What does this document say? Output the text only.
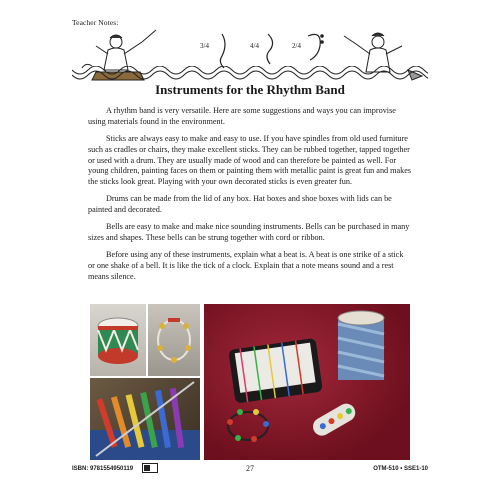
Teacher Notes:
3/4	4/4	2/4
Instruments for the Rhythm Band

A rhythm band is very versatile. Here are some suggestions and ways you can improvise using materials found in the environment.

Sticks are always easy to make and easy to use. If you have spindles from old used furniture such as cradles or chairs, they make excellent sticks. They can be rubbed together, tapped together or used with a drum. They are usually made of wood and can therefore be painted as well. For young children, painting faces on them or painting them with metallic paint is great fun and makes the sticks look great. Playing with your own decorated sticks is even greater fun.

Drums can be made from the lid of any box. Hat boxes and shoe boxes with lids can be painted and decorated.

Bells are easy to make and make nice sounding instruments. Bells can be purchased in many sizes and shapes. These bells can be strung together with cord or ribbon.

Before using any of these instruments, explain what a beat is. A beat is one strike of a stick or one shake of a bell. It is like the tick of a clock. Explain that a note means sound and a rest means silence.

ISBN: 9781554950119	27	OTM-510 • SSE1-10
